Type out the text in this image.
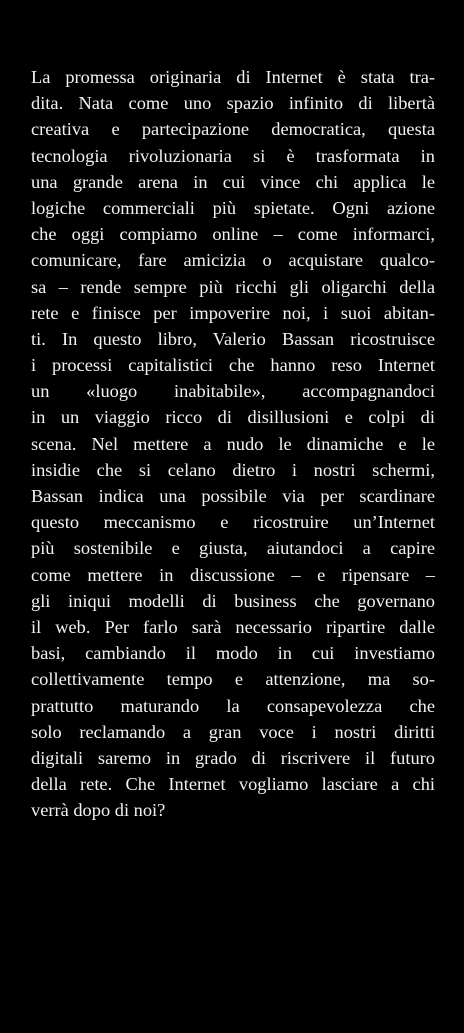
La promessa originaria di Internet è stata tra-
dita. Nata come uno spazio infinito di libertà
creativa e partecipazione democratica, questa
tecnologia rivoluzionaria si è trasformata in
una grande arena in cui vince chi applica le
logiche commerciali più spietate. Ogni azione
che oggi compiamo online – come informarci,
comunicare, fare amicizia o acquistare qualco-
sa – rende sempre più ricchi gli oligarchi della
rete e finisce per impoverire noi, i suoi abitan-
ti. In questo libro, Valerio Bassan ricostruisce
i processi capitalistici che hanno reso Internet
un «luogo inabitabile», accompagnandoci
in un viaggio ricco di disillusioni e colpi di
scena. Nel mettere a nudo le dinamiche e le
insidie che si celano dietro i nostri schermi,
Bassan indica una possibile via per scardinare
questo meccanismo e ricostruire un’Internet
più sostenibile e giusta, aiutandoci a capire
come mettere in discussione – e ripensare –
gli iniqui modelli di business che governano
il web. Per farlo sarà necessario ripartire dalle
basi, cambiando il modo in cui investiamo
collettivamente tempo e attenzione, ma so-
prattutto maturando la consapevolezza che
solo reclamando a gran voce i nostri diritti
digitali saremo in grado di riscrivere il futuro
della rete. Che Internet vogliamo lasciare a chi
verrà dopo di noi?
